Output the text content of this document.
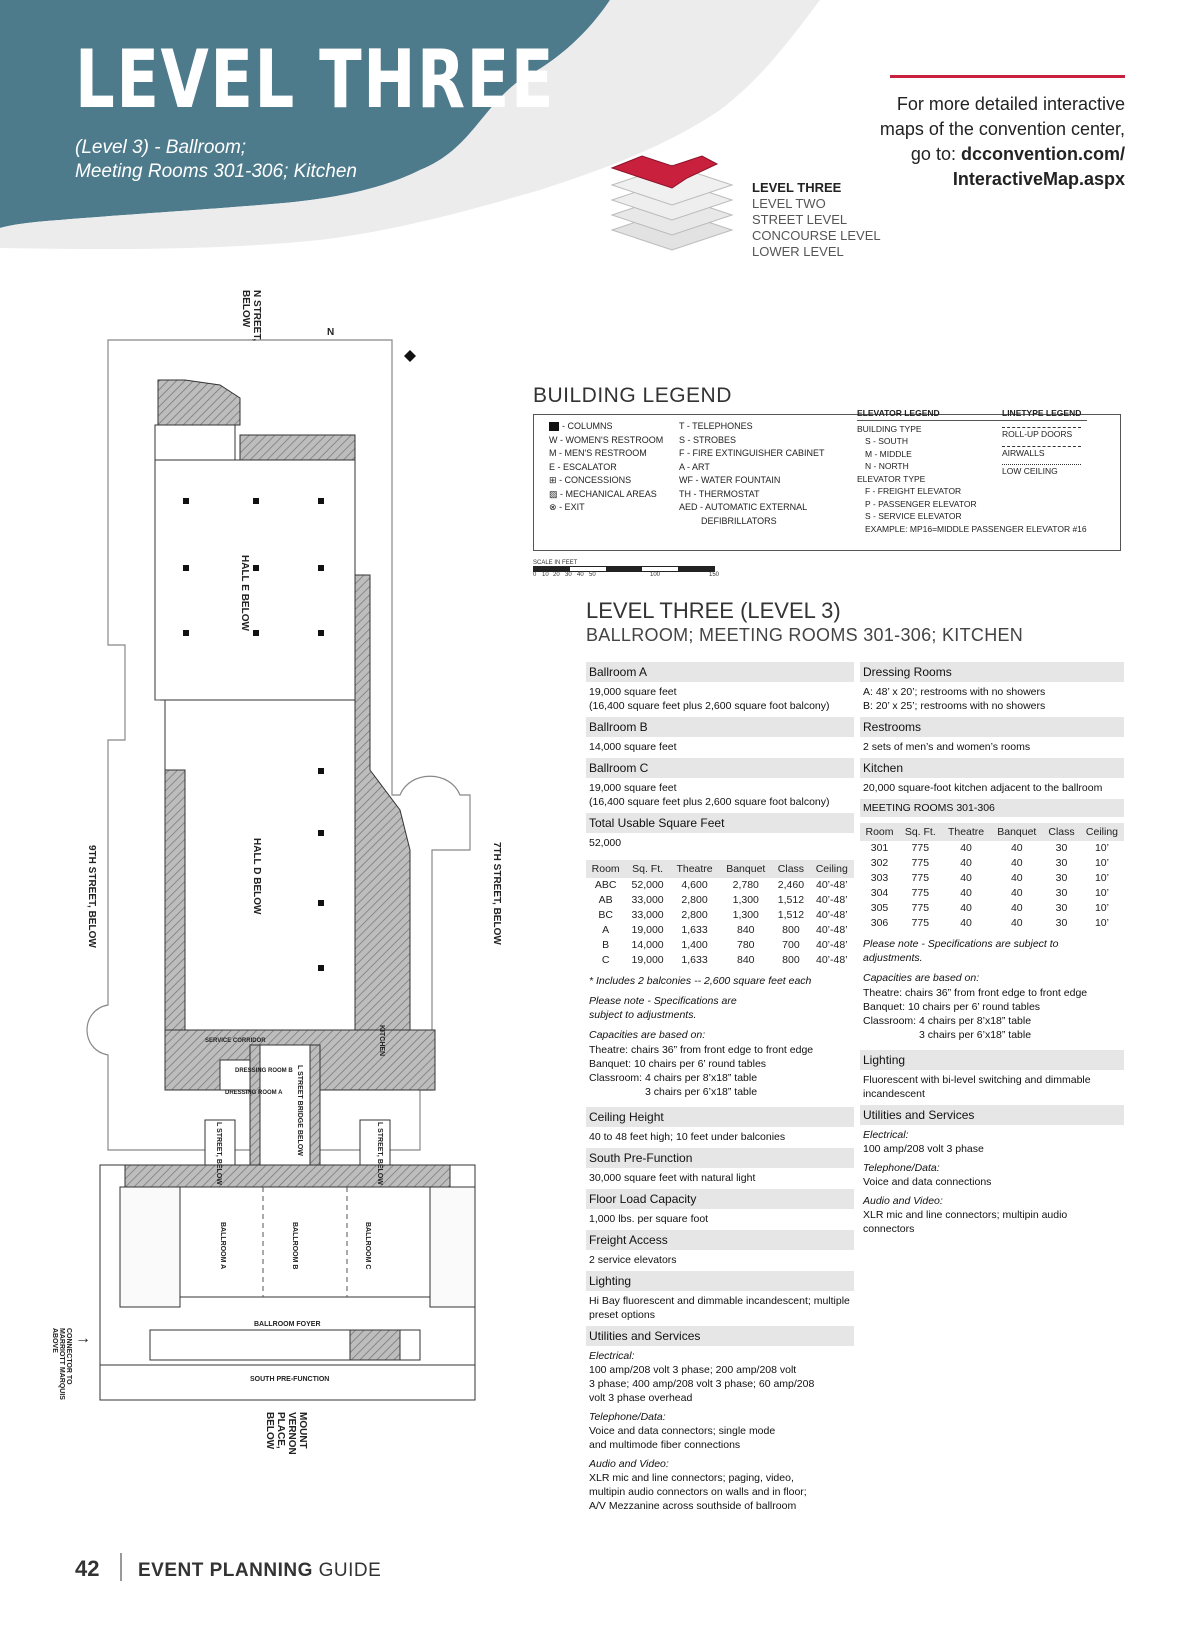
LEVEL THREE
(Level 3) - Ballroom;
Meeting Rooms 301-306; Kitchen
For more detailed interactive
maps of the convention center,
go to: dcconvention.com/
InteractiveMap.aspx
LEVEL THREE
LEVEL TWO
STREET LEVEL
CONCOURSE LEVEL
LOWER LEVEL
N
N STREET, BELOW
9TH STREET, BELOW	7TH STREET, BELOW
HALL E BELOW
HALL D BELOW
KITCHEN
SERVICE CORRIDOR
DRESSING ROOM B
DRESSING ROOM A L STREET BRIDGE BELOW
L STREET, BELOW	L STREET, BELOW
BALLROOM A	BALLROOM B	BALLROOM C
BALLROOM FOYER
SOUTH PRE-FUNCTION
MOUNT VERNON PLACE, BELOW
CONNECTOR TO MARRIOTT MARQUIS ABOVE	→
BUILDING LEGEND
- COLUMNS
W - WOMEN'S RESTROOM
M - MEN'S RESTROOM
E - ESCALATOR
⊞ - CONCESSIONS
▨ - MECHANICAL AREAS
⊗ - EXIT
T - TELEPHONES
S - STROBES
F - FIRE EXTINGUISHER CABINET
A - ART
WF - WATER FOUNTAIN
TH - THERMOSTAT
AED - AUTOMATIC EXTERNAL
DEFIBRILLATORS
ELEVATOR LEGEND
BUILDING TYPE
S - SOUTH
M - MIDDLE
N - NORTH
ELEVATOR TYPE
F - FREIGHT ELEVATOR
P - PASSENGER ELEVATOR
S - SERVICE ELEVATOR
EXAMPLE: MP16=MIDDLE PASSENGER ELEVATOR #16
LINETYPE LEGEND
ROLL-UP DOORS
AIRWALLS
LOW CEILING
SCALE IN FEET
0 10 20 30 40 50	100	150
LEVEL THREE (LEVEL 3)
BALLROOM; MEETING ROOMS 301-306; KITCHEN
Ballroom A
19,000 square feet
(16,400 square feet plus 2,600 square foot balcony)
Ballroom B
14,000 square feet
Ballroom C
19,000 square feet
(16,400 square feet plus 2,600 square foot balcony)
Total Usable Square Feet
52,000
Room	Sq. Ft.	Theatre	Banquet	Class	Ceiling
ABC	52,000	4,600	2,780	2,460	40’-48’
AB	33,000	2,800	1,300	1,512	40’-48’
BC	33,000	2,800	1,300	1,512	40’-48’
A	19,000	1,633	840	800	40’-48’
B	14,000	1,400	780	700	40’-48’
C	19,000	1,633	840	800	40’-48’
* Includes 2 balconies -- 2,600 square feet each
Please note - Specifications are
subject to adjustments.
Capacities are based on:
Theatre: chairs 36” from front edge to front edge
Banquet: 10 chairs per 6’ round tables
Classroom: 4 chairs per 8’x18” table
3 chairs per 6’x18” table
Ceiling Height
40 to 48 feet high; 10 feet under balconies
South Pre-Function
30,000 square feet with natural light
Floor Load Capacity
1,000 lbs. per square foot
Freight Access
2 service elevators
Lighting
Hi Bay fluorescent and dimmable incandescent; multiple
preset options
Utilities and Services
Electrical:
100 amp/208 volt 3 phase; 200 amp/208 volt
3 phase; 400 amp/208 volt 3 phase; 60 amp/208
volt 3 phase overhead
Telephone/Data:
Voice and data connectors; single mode
and multimode fiber connections
Audio and Video:
XLR mic and line connectors; paging, video,
multipin audio connectors on walls and in floor;
A/V Mezzanine across southside of ballroom
Dressing Rooms
A: 48’ x 20’; restrooms with no showers
B: 20’ x 25’; restrooms with no showers
Restrooms
2 sets of men’s and women’s rooms
Kitchen
20,000 square-foot kitchen adjacent to the ballroom
MEETING ROOMS 301-306
Room	Sq. Ft.	Theatre	Banquet	Class	Ceiling
301	775	40	40	30	10’
302	775	40	40	30	10’
303	775	40	40	30	10’
304	775	40	40	30	10’
305	775	40	40	30	10’
306	775	40	40	30	10’
Please note - Specifications are subject to
adjustments.
Capacities are based on:
Theatre: chairs 36” from front edge to front edge
Banquet: 10 chairs per 6’ round tables
Classroom: 4 chairs per 8’x18” table
3 chairs per 6’x18” table
Lighting
Fluorescent with bi-level switching and dimmable
incandescent
Utilities and Services
Electrical:
100 amp/208 volt 3 phase
Telephone/Data:
Voice and data connections
Audio and Video:
XLR mic and line connectors; multipin audio connectors
42 EVENT PLANNING GUIDE
